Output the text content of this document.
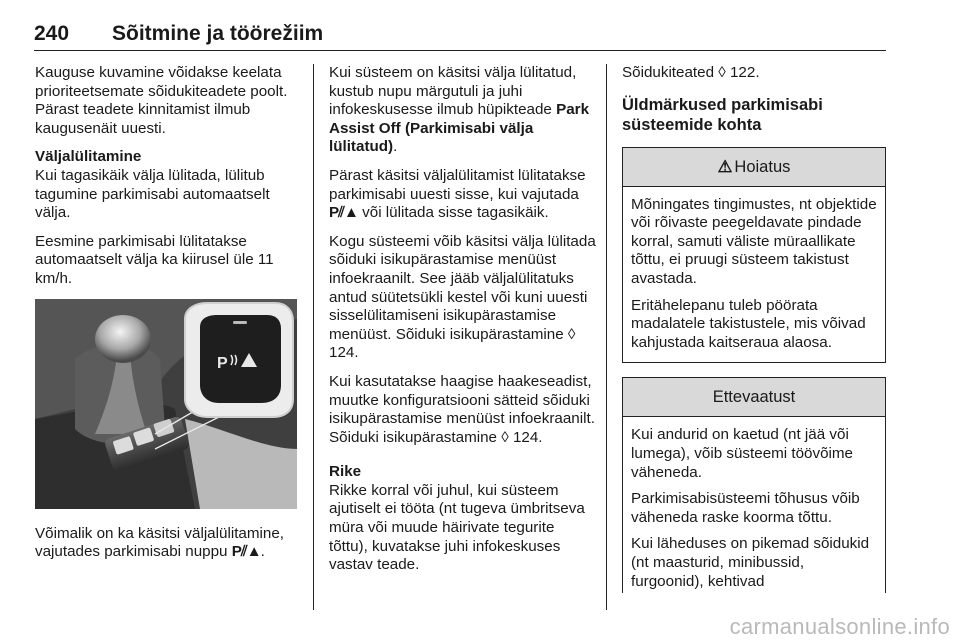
240 Sõitmine ja töörežiim

Kauguse kuvamine võidakse keelata prioriteetsemate sõidukiteadete poolt. Pärast teadete kinnitamist ilmub kaugusenäit uuesti.

Väljalülitamine

Kui tagasikäik välja lülitada, lülitub tagumine parkimisabi automaatselt välja.

Eesmine parkimisabi lülitatakse automaatselt välja ka kiirusel üle 11 km/h.

P

Võimalik on ka käsitsi väljalülitamine, vajutades parkimisabi nuppu P⫽▲.

Kui süsteem on käsitsi välja lülitatud, kustub nupu märgutuli ja juhi infokeskusesse ilmub hüpikteade Park Assist Off (Parkimisabi välja lülitatud).

Pärast käsitsi väljalülitamist lülitatakse parkimisabi uuesti sisse, kui vajutada P⫽▲ või lülitada sisse tagasikäik.

Kogu süsteemi võib käsitsi välja lülitada sõiduki isikupärastamise menüüst infoekraanilt. See jääb väljalülitatuks antud süütetsükli kestel või kuni uuesti sisselülitamiseni isikupärastamise menüüst. Sõiduki isikupärastamine ◊ 124.

Kui kasutatakse haagise haakeseadist, muutke konfiguratsiooni sätteid sõiduki isikupärastamise menüüst infoekraanilt. Sõiduki isikupärastamine ◊ 124.

Rike

Rikke korral või juhul, kui süsteem ajutiselt ei tööta (nt tugeva ümbritseva müra või muude häirivate tegurite tõttu), kuvatakse juhi infokeskuses vastav teade.

Sõidukiteated ◊ 122.

Üldmärkused parkimisabi süsteemide kohta
⚠ Hoiatus

Mõningates tingimustes, nt objektide või rõivaste peegeldavate pindade korral, samuti väliste müraallikate tõttu, ei pruugi süsteem takistust avastada.

Eritähelepanu tuleb pöörata madalatele takistustele, mis võivad kahjustada kaitseraua alaosa.

Ettevaatust

Kui andurid on kaetud (nt jää või lumega), võib süsteemi töövõime väheneda.

Parkimisabisüsteemi tõhusus võib väheneda raske koorma tõttu.

Kui läheduses on pikemad sõidukid (nt maasturid, minibussid, furgoonid), kehtivad

carmanualsonline.info
